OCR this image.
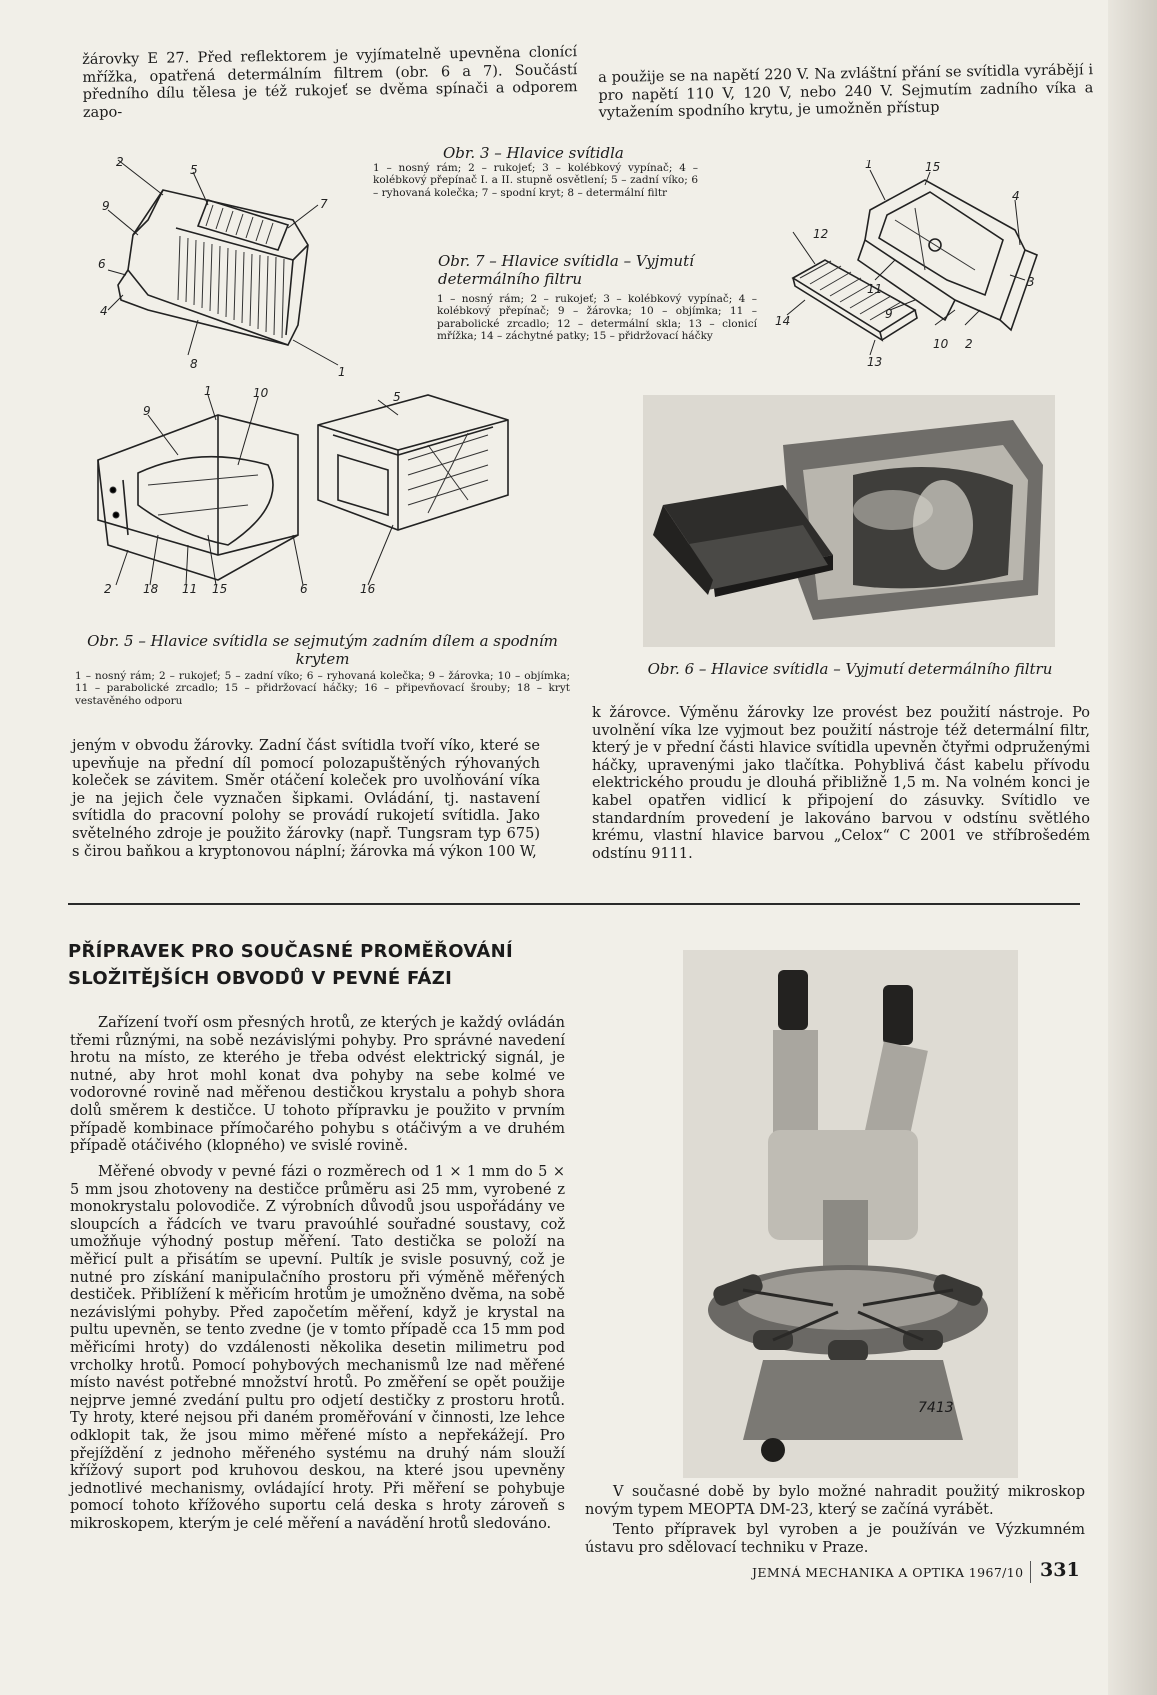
žárovky E 27. Před reflektorem je vyjímatelně upevněna clonící mřížka, opatřená determálním filtrem (obr. 6 a 7). Součástí předního dílu tělesa je též rukojeť se dvěma spínači a odporem zapo-

a použije se na napětí 220 V. Na zvláštní přání se svítidla vyrábějí i pro napětí 110 V, 120 V, nebo 240 V. Sejmutím zadního víka a vytažením spodního krytu, je umožněn přístup

2
5
9	7
6
4
8
1

Obr. 3 – Hlavice svítidla

1 – nosný rám; 2 – rukojeť; 3 – kolébkový vypínač; 4 – kolébkový přepínač I. a II. stupně osvětlení; 5 – zadní víko; 6 – ryhovaná kolečka; 7 – spodní kryt; 8 – determální filtr

Obr. 7 – Hlavice svítidla – Vyjmutí determálního filtru

1 – nosný rám; 2 – rukojeť; 3 – kolébkový vypínač; 4 – kolébkový přepínač; 9 – žárovka; 10 – objímka; 11 – parabolické zrcadlo; 12 – determální skla; 13 – clonicí mřížka; 14 – záchytné patky; 15 – přidržovací háčky

1	15
4
12
11
9
3
14
10 2
13
1	10	5
9
2	18 11 15	6	16

Obr. 5 – Hlavice svítidla se sejmutým zadním dílem a spodním krytem

1 – nosný rám; 2 – rukojeť; 5 – zadní víko; 6 – ryhovaná kolečka; 9 – žárovka; 10 – objímka; 11 – parabolické zrcadlo; 15 – přidržovací háčky; 16 – připevňovací šrouby; 18 – kryt vestavěného odporu

Obr. 6 – Hlavice svítidla – Vyjmutí determálního filtru

jeným v obvodu žárovky. Zadní část svítidla tvoří víko, které se upevňuje na přední díl pomocí polozapuštěných rýhovaných koleček se závitem. Směr otáčení koleček pro uvolňování víka je na jejich čele vyznačen šipkami. Ovládání, tj. nastavení svítidla do pracovní polohy se provádí rukojetí svítidla. Jako světelného zdroje je použito žárovky (např. Tungsram typ 675) s čirou baňkou a kryptonovou náplní; žárovka má výkon 100 W,

k žárovce. Výměnu žárovky lze provést bez použití nástroje. Po uvolnění víka lze vyjmout bez použití nástroje též determální filtr, který je v přední části hlavice svítidla upevněn čtyřmi odpruženými háčky, upravenými jako tlačítka. Pohyblivá část kabelu přívodu elektrického proudu je dlouhá přibližně 1,5 m. Na volném konci je kabel opatřen vidlicí k připojení do zásuvky. Svítidlo ve standardním provedení je lakováno barvou v odstínu světlého krému, vlastní hlavice barvou „Celox“ C 2001 ve stříbrošedém odstínu 9111.

PŘÍPRAVEK PRO SOUČASNÉ PROMĚŘOVÁNÍ
SLOŽITĚJŠÍCH OBVODŮ V PEVNÉ FÁZI

Zařízení tvoří osm přesných hrotů, ze kterých je každý ovládán třemi různými, na sobě nezávislými pohyby. Pro správné navedení hrotu na místo, ze kterého je třeba odvést elektrický signál, je nutné, aby hrot mohl konat dva pohyby na sebe kolmé ve vodorovné rovině nad měřenou destičkou krystalu a pohyb shora dolů směrem k destičce. U tohoto přípravku je použito v prvním případě kombinace přímočarého pohybu s otáčivým a ve druhém případě otáčivého (klopného) ve svislé rovině.

Měřené obvody v pevné fázi o rozměrech od 1 × 1 mm do 5 × 5 mm jsou zhotoveny na destičce průměru asi 25 mm, vyrobené z monokrystalu polovodiče. Z výrobních důvodů jsou uspořádány ve sloupcích a řádcích ve tvaru pravoúhlé souřadné soustavy, což umožňuje výhodný postup měření. Tato destička se položí na měřicí pult a přisátím se upevní. Pultík je svisle posuvný, což je nutné pro získání manipulačního prostoru při výměně měřených destiček. Přiblížení k měřicím hrotům je umožněno dvěma, na sobě nezávislými pohyby. Před započetím měření, když je krystal na pultu upevněn, se tento zvedne (je v tomto případě cca 15 mm pod měřicími hroty) do vzdálenosti několika desetin milimetru pod vrcholky hrotů. Pomocí pohybových mechanismů lze nad měřené místo navést potřebné množství hrotů. Po změření se opět použije nejprve jemné zvedání pultu pro odjetí destičky z prostoru hrotů. Ty hroty, které nejsou při daném proměřování v činnosti, lze lehce odklopit tak, že jsou mimo měřené místo a nepřekážejí. Pro přejíždění z jednoho měřeného systému na druhý nám slouží křížový suport pod kruhovou deskou, na které jsou upevněny jednotlivé mechanismy, ovládající hroty. Při měření se pohybuje pomocí tohoto křížového suportu celá deska s hroty zároveň s mikroskopem, kterým je celé měření a navádění hrotů sledováno.

7413

V současné době by bylo možné nahradit použitý mikroskop novým typem MEOPTA DM-23, který se začíná vyrábět.

Tento přípravek byl vyroben a je používán ve Výzkumném ústavu pro sdělovací techniku v Praze.

JEMNÁ MECHANIKA A OPTIKA 1967/10 331
